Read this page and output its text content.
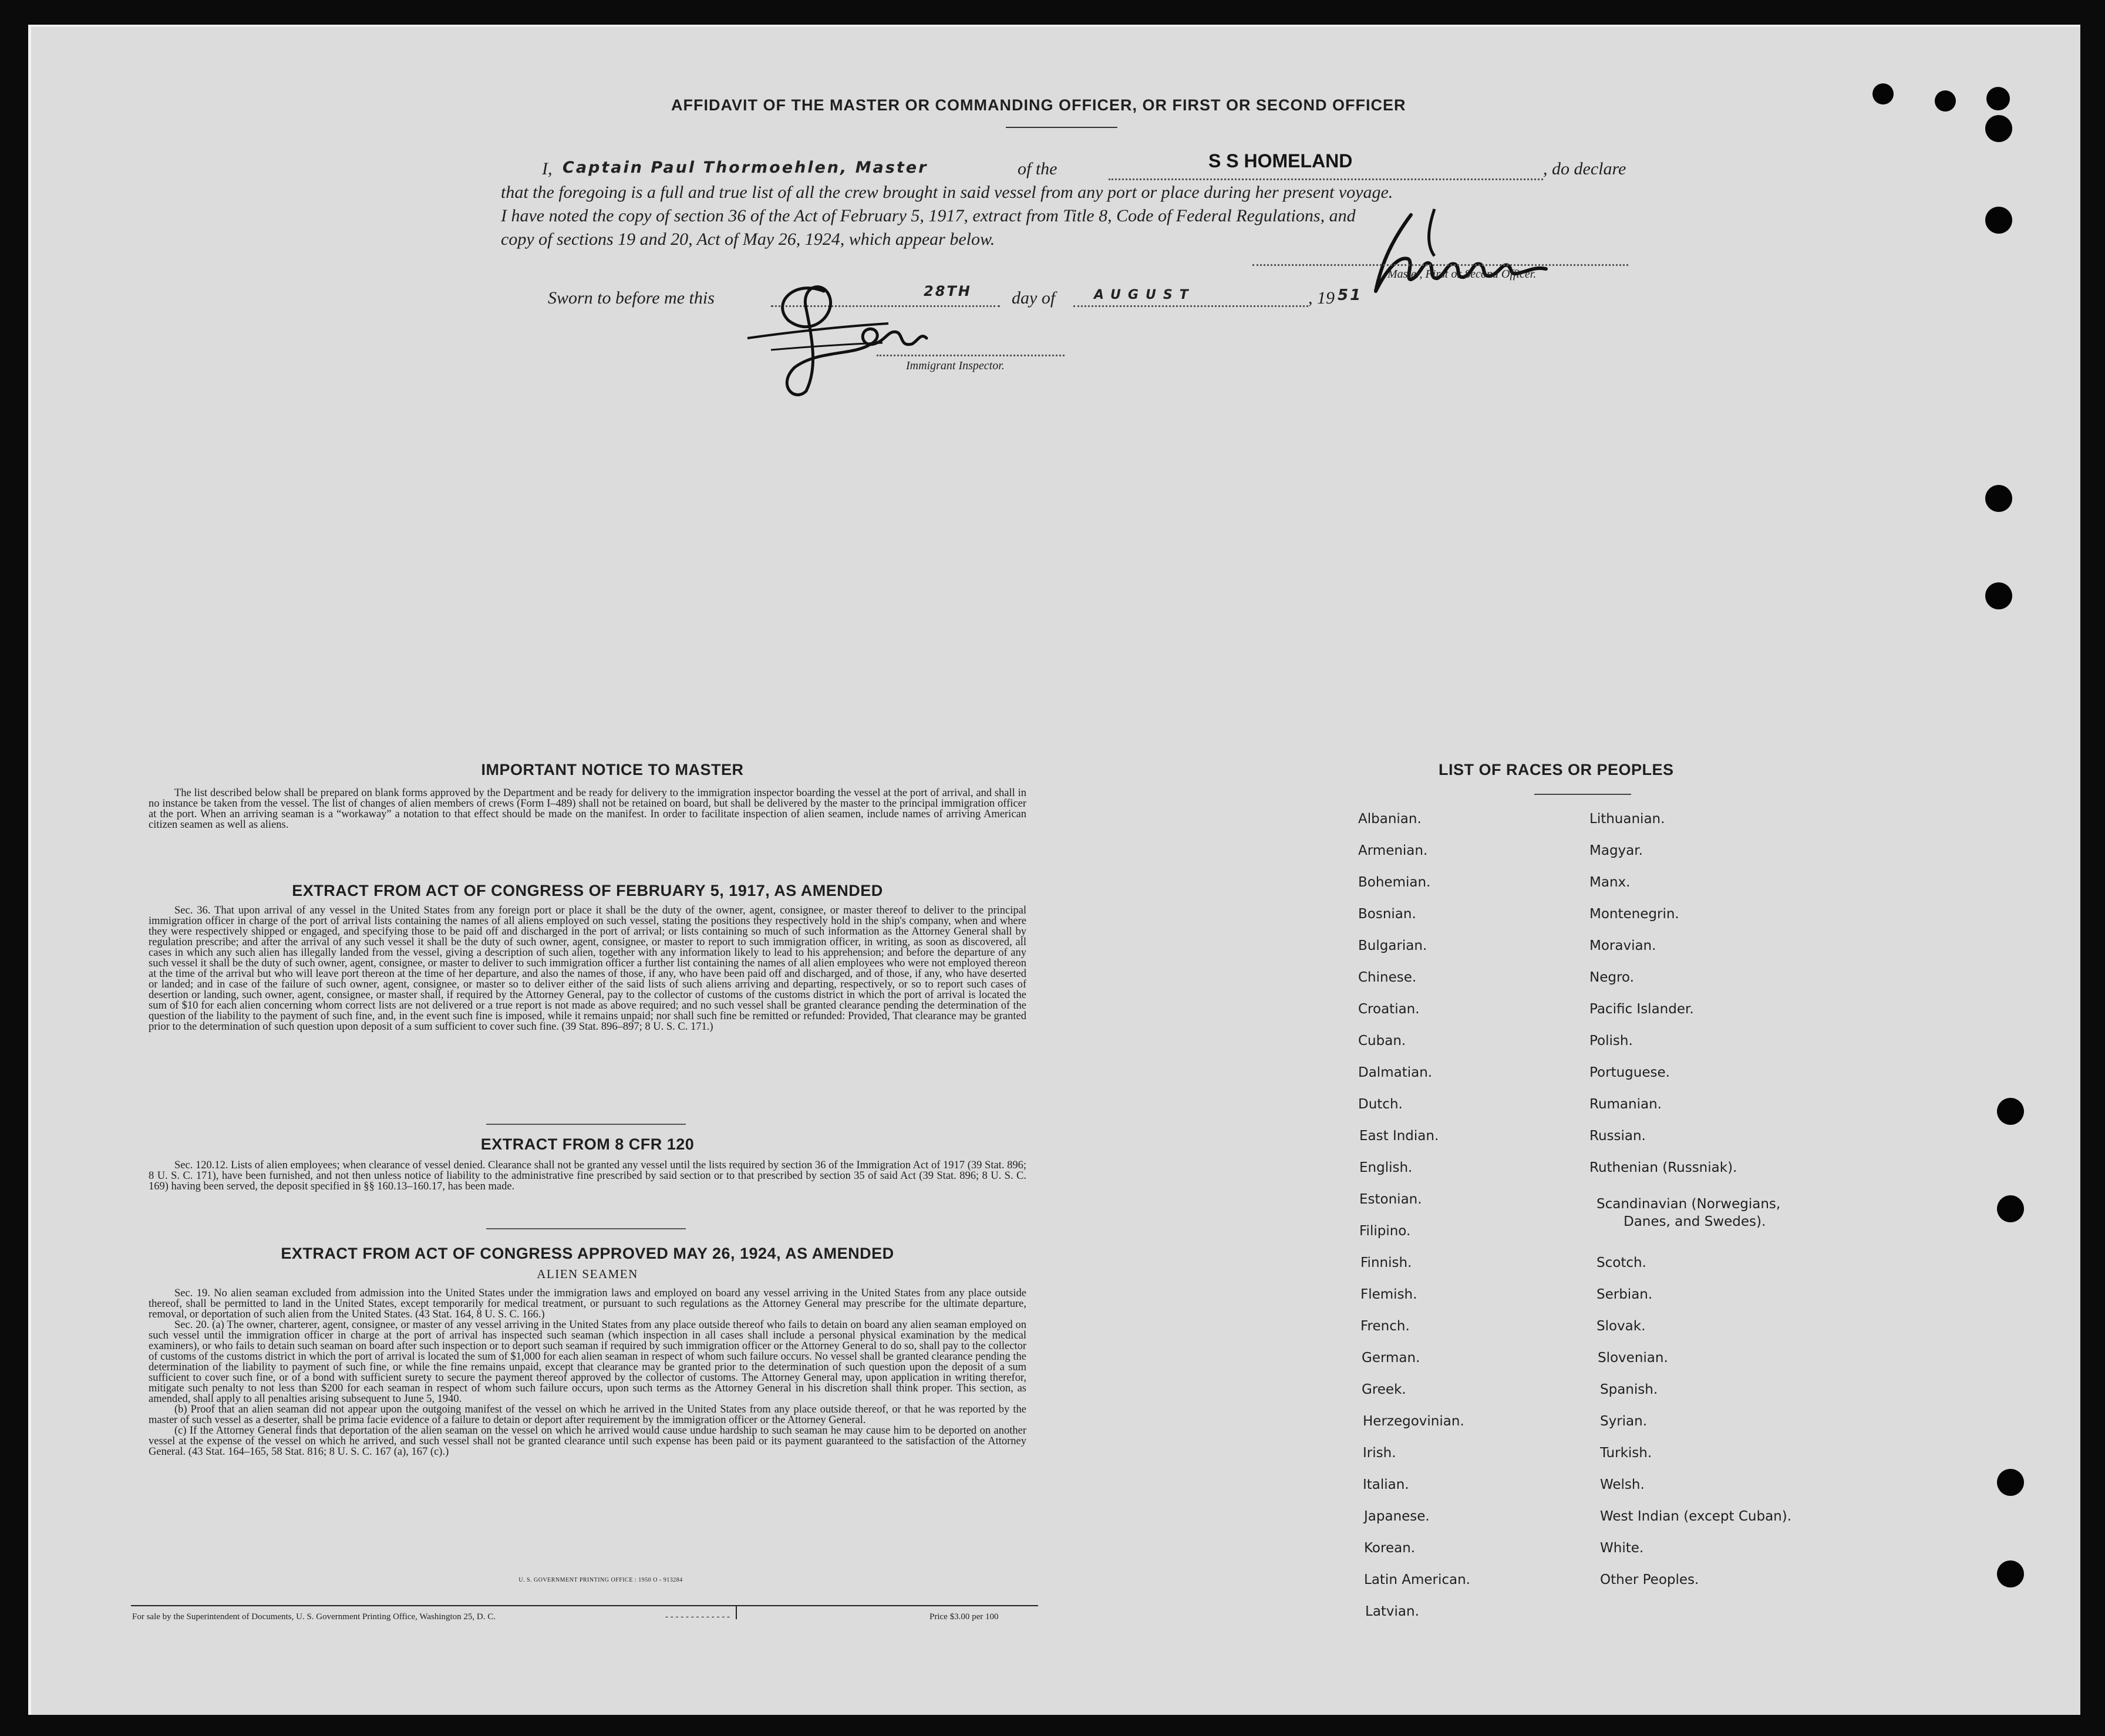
AFFIDAVIT OF THE MASTER OR COMMANDING OFFICER, OR FIRST OR SECOND OFFICER
I, Captain Paul Thormoehlen, Master	of the	S S HOMELAND	, do declare
that the foregoing is a full and true list of all the crew brought in said vessel from any port or place during her present voyage.
I have noted the copy of section 36 of the Act of February 5, 1917, extract from Title 8, Code of Federal Regulations, and
copy of sections 19 and 20, Act of May 26, 1924, which appear below.
Master, First or Second Officer.
Sworn to before me this	28TH day of	AUGUST	, 19 51
Immigrant Inspector.
IMPORTANT NOTICE TO MASTER

The list described below shall be prepared on blank forms approved by the Department and be ready for delivery to the immigration inspector boarding the vessel at the port of arrival, and shall in no instance be taken from the vessel. The list of changes of alien members of crews (Form I–489) shall not be retained on board, but shall be delivered by the master to the principal immigration officer at the port. When an arriving seaman is a “workaway” a notation to that effect should be made on the manifest. In order to facilitate inspection of alien seamen, include names of arriving American citizen seamen as well as aliens.

EXTRACT FROM ACT OF CONGRESS OF FEBRUARY 5, 1917, AS AMENDED

Sec. 36. That upon arrival of any vessel in the United States from any foreign port or place it shall be the duty of the owner, agent, consignee, or master thereof to deliver to the principal immigration officer in charge of the port of arrival lists containing the names of all aliens employed on such vessel, stating the positions they respectively hold in the ship's company, when and where they were respectively shipped or engaged, and specifying those to be paid off and discharged in the port of arrival; or lists containing so much of such information as the Attorney General shall by regulation prescribe; and after the arrival of any such vessel it shall be the duty of such owner, agent, consignee, or master to report to such immigration officer, in writing, as soon as discovered, all cases in which any such alien has illegally landed from the vessel, giving a description of such alien, together with any information likely to lead to his apprehension; and before the departure of any such vessel it shall be the duty of such owner, agent, consignee, or master to deliver to such immigration officer a further list containing the names of all alien employees who were not employed thereon at the time of the arrival but who will leave port thereon at the time of her departure, and also the names of those, if any, who have been paid off and discharged, and of those, if any, who have deserted or landed; and in case of the failure of such owner, agent, consignee, or master so to deliver either of the said lists of such aliens arriving and departing, respectively, or so to report such cases of desertion or landing, such owner, agent, consignee, or master shall, if required by the Attorney General, pay to the collector of customs of the customs district in which the port of arrival is located the sum of $10 for each alien concerning whom correct lists are not delivered or a true report is not made as above required; and no such vessel shall be granted clearance pending the determination of the question of the liability to the payment of such fine, and, in the event such fine is imposed, while it remains unpaid; nor shall such fine be remitted or refunded: Provided, That clearance may be granted prior to the determination of such question upon deposit of a sum sufficient to cover such fine. (39 Stat. 896–897; 8 U. S. C. 171.)

EXTRACT FROM 8 CFR 120

Sec. 120.12. Lists of alien employees; when clearance of vessel denied. Clearance shall not be granted any vessel until the lists required by section 36 of the Immigration Act of 1917 (39 Stat. 896; 8 U. S. C. 171), have been furnished, and not then unless notice of liability to the administrative fine prescribed by said section or to that prescribed by section 35 of said Act (39 Stat. 896; 8 U. S. C. 169) having been served, the deposit specified in §§ 160.13–160.17, has been made.

EXTRACT FROM ACT OF CONGRESS APPROVED MAY 26, 1924, AS AMENDED
ALIEN SEAMEN

Sec. 19. No alien seaman excluded from admission into the United States under the immigration laws and employed on board any vessel arriving in the United States from any place outside thereof, shall be permitted to land in the United States, except temporarily for medical treatment, or pursuant to such regulations as the Attorney General may prescribe for the ultimate departure, removal, or deportation of such alien from the United States. (43 Stat. 164, 8 U. S. C. 166.)

Sec. 20. (a) The owner, charterer, agent, consignee, or master of any vessel arriving in the United States from any place outside thereof who fails to detain on board any alien seaman employed on such vessel until the immigration officer in charge at the port of arrival has inspected such seaman (which inspection in all cases shall include a personal physical examination by the medical examiners), or who fails to detain such seaman on board after such inspection or to deport such seaman if required by such immigration officer or the Attorney General to do so, shall pay to the collector of customs of the customs district in which the port of arrival is located the sum of $1,000 for each alien seaman in respect of whom such failure occurs. No vessel shall be granted clearance pending the determination of the liability to payment of such fine, or while the fine remains unpaid, except that clearance may be granted prior to the determination of such question upon the deposit of a sum sufficient to cover such fine, or of a bond with sufficient surety to secure the payment thereof approved by the collector of customs. The Attorney General may, upon application in writing therefor, mitigate such penalty to not less than $200 for each seaman in respect of whom such failure occurs, upon such terms as the Attorney General in his discretion shall think proper. This section, as amended, shall apply to all penalties arising subsequent to June 5, 1940.

(b) Proof that an alien seaman did not appear upon the outgoing manifest of the vessel on which he arrived in the United States from any place outside thereof, or that he was reported by the master of such vessel as a deserter, shall be prima facie evidence of a failure to detain or deport after requirement by the immigration officer or the Attorney General.

(c) If the Attorney General finds that deportation of the alien seaman on the vessel on which he arrived would cause undue hardship to such seaman he may cause him to be deported on another vessel at the expense of the vessel on which he arrived, and such vessel shall not be granted clearance until such expense has been paid or its payment guaranteed to the satisfaction of the Attorney General. (43 Stat. 164–165, 58 Stat. 816; 8 U. S. C. 167 (a), 167 (c).)

U. S. GOVERNMENT PRINTING OFFICE : 1950 O - 913284
For sale by the Superintendent of Documents, U. S. Government Printing Office, Washington 25, D. C.	- - - - - - - - - - - - -	Price $3.00 per 100
LIST OF RACES OR PEOPLES
Albanian.
Armenian.
Bohemian.
Bosnian.
Bulgarian.
Chinese.
Croatian.
Cuban.
Dalmatian.
Dutch.
East Indian.
English.
Estonian.
Filipino.
Finnish.
Flemish.
French.
German.
Greek.
Herzegovinian.
Irish.
Italian.
Japanese.
Korean.
Latin American.
Latvian.
Lithuanian.
Magyar.
Manx.
Montenegrin.
Moravian.
Negro.
Pacific Islander.
Polish.
Portuguese.
Rumanian.
Russian.
Ruthenian (Russniak).
Scandinavian (Norwegians,
Danes, and Swedes).
Scotch.
Serbian.
Slovak.
Slovenian.
Spanish.
Syrian.
Turkish.
Welsh.
West Indian (except Cuban).
White.
Other Peoples.
